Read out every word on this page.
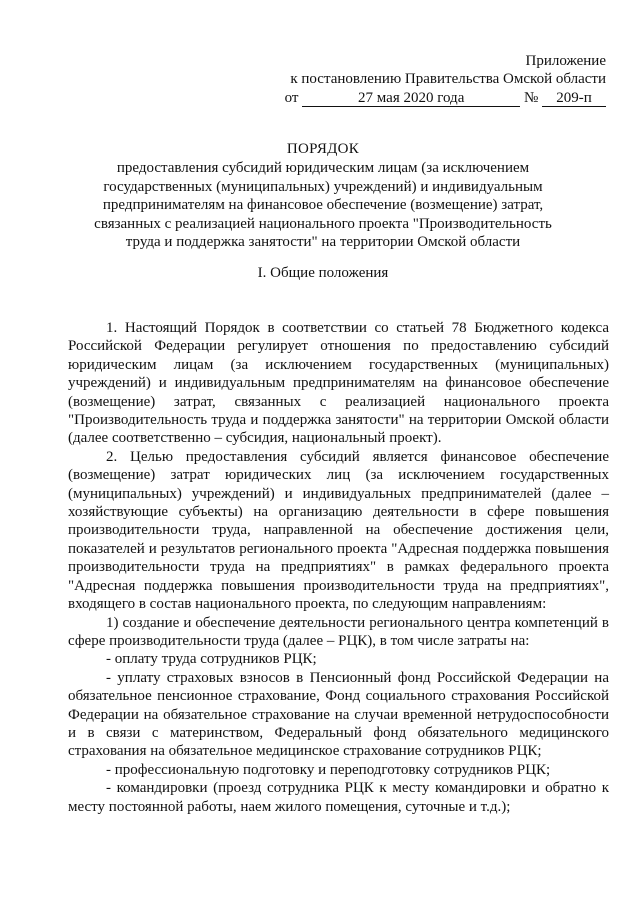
Приложение
к постановлению Правительства Омской области
от	27 мая 2020 года	№ 209-п
ПОРЯДОК
предоставления субсидий юридическим лицам (за исключением
государственных (муниципальных) учреждений) и индивидуальным
предпринимателям на финансовое обеспечение (возмещение) затрат,
связанных с реализацией национального проекта "Производительность
труда и поддержка занятости" на территории Омской области
I. Общие положения

1. Настоящий Порядок в соответствии со статьей 78 Бюджетного кодекса Российской Федерации регулирует отношения по предоставлению субсидий юридическим лицам (за исключением государственных (муниципальных) учреждений) и индивидуальным предпринимателям на финансовое обеспечение (возмещение) затрат, связанных с реализацией национального проекта "Производительность труда и поддержка занятости" на территории Омской области (далее соответственно – субсидия, национальный проект).

2. Целью предоставления субсидий является финансовое обеспечение (возмещение) затрат юридических лиц (за исключением государственных (муниципальных) учреждений) и индивидуальных предпринимателей (далее – хозяйствующие субъекты) на организацию деятельности в сфере повышения производительности труда, направленной на обеспечение достижения цели, показателей и результатов регионального проекта "Адресная поддержка повышения производительности труда на предприятиях" в рамках федерального проекта "Адресная поддержка повышения производительности труда на предприятиях", входящего в состав национального проекта, по следующим направлениям:

1) создание и обеспечение деятельности регионального центра компетенций в сфере производительности труда (далее – РЦК), в том числе затраты на:

- оплату труда сотрудников РЦК;

- уплату страховых взносов в Пенсионный фонд Российской Федерации на обязательное пенсионное страхование, Фонд социального страхования Российской Федерации на обязательное страхование на случаи временной нетрудоспособности и в связи с материнством, Федеральный фонд обязательного медицинского страхования на обязательное медицинское страхование сотрудников РЦК;

- профессиональную подготовку и переподготовку сотрудников РЦК;

- командировки (проезд сотрудника РЦК к месту командировки и обратно к месту постоянной работы, наем жилого помещения, суточные и т.д.);
